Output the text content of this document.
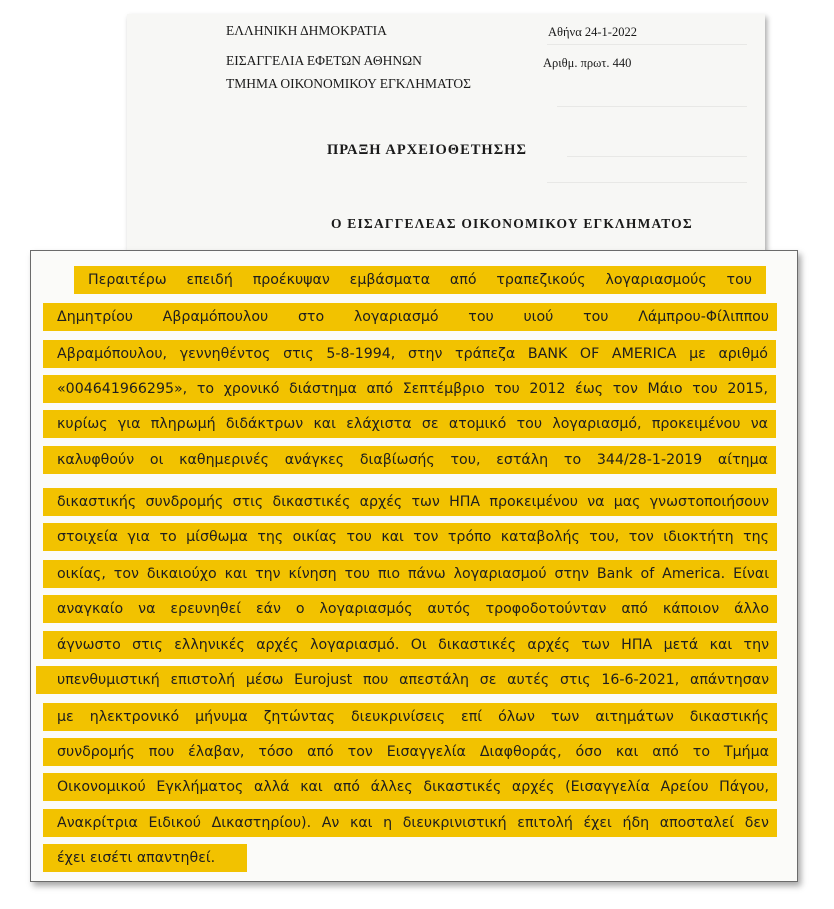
ΕΛΛΗΝΙΚΗ ΔΗΜΟΚΡΑΤΙΑ	Αθήνα 24-1-2022
ΕΙΣΑΓΓΕΛΙΑ ΕΦΕΤΩΝ ΑΘΗΝΩΝ	Αριθμ. πρωτ. 440
ΤΜΗΜΑ ΟΙΚΟΝΟΜΙΚΟΥ ΕΓΚΛΗΜΑΤΟΣ
ΠΡΑΞΗ ΑΡΧΕΙΟΘΕΤΗΣΗΣ
Ο ΕΙΣΑΓΓΕΛΕΑΣ ΟΙΚΟΝΟΜΙΚΟΥ ΕΓΚΛΗΜΑΤΟΣ
Περαιτέρω επειδή προέκυψαν εμβάσματα από τραπεζικούς λογαριασμούς του
Δημητρίου Αβραμόπουλου στο λογαριασμό του υιού του Λάμπρου-Φίλιππου
Αβραμόπουλου, γεννηθέντος στις 5-8-1994, στην τράπεζα BANK OF AMERICA με αριθμό
«004641966295», το χρονικό διάστημα από Σεπτέμβριο του 2012 έως τον Μάιο του 2015,
κυρίως για πληρωμή διδάκτρων και ελάχιστα σε ατομικό του λογαριασμό, προκειμένου να
καλυφθούν οι καθημερινές ανάγκες διαβίωσής του, εστάλη το 344/28-1-2019 αίτημα
δικαστικής συνδρομής στις δικαστικές αρχές των ΗΠΑ προκειμένου να μας γνωστοποιήσουν
στοιχεία για το μίσθωμα της οικίας του και τον τρόπο καταβολής του, τον ιδιοκτήτη της
οικίας, τον δικαιούχο και την κίνηση του πιο πάνω λογαριασμού στην Bank of America. Είναι
αναγκαίο να ερευνηθεί εάν ο λογαριασμός αυτός τροφοδοτούνταν από κάποιον άλλο
άγνωστο στις ελληνικές αρχές λογαριασμό. Οι δικαστικές αρχές των ΗΠΑ μετά και την
υπενθυμιστική επιστολή μέσω Eurojust που απεστάλη σε αυτές στις 16-6-2021, απάντησαν
με ηλεκτρονικό μήνυμα ζητώντας διευκρινίσεις επί όλων των αιτημάτων δικαστικής
συνδρομής που έλαβαν, τόσο από τον Εισαγγελία Διαφθοράς, όσο και από το Τμήμα
Οικονομικού Εγκλήματος αλλά και από άλλες δικαστικές αρχές (Εισαγγελία Αρείου Πάγου,
Ανακρίτρια Ειδικού Δικαστηρίου). Αν και η διευκρινιστική επιτολή έχει ήδη αποσταλεί δεν
έχει εισέτι απαντηθεί.
